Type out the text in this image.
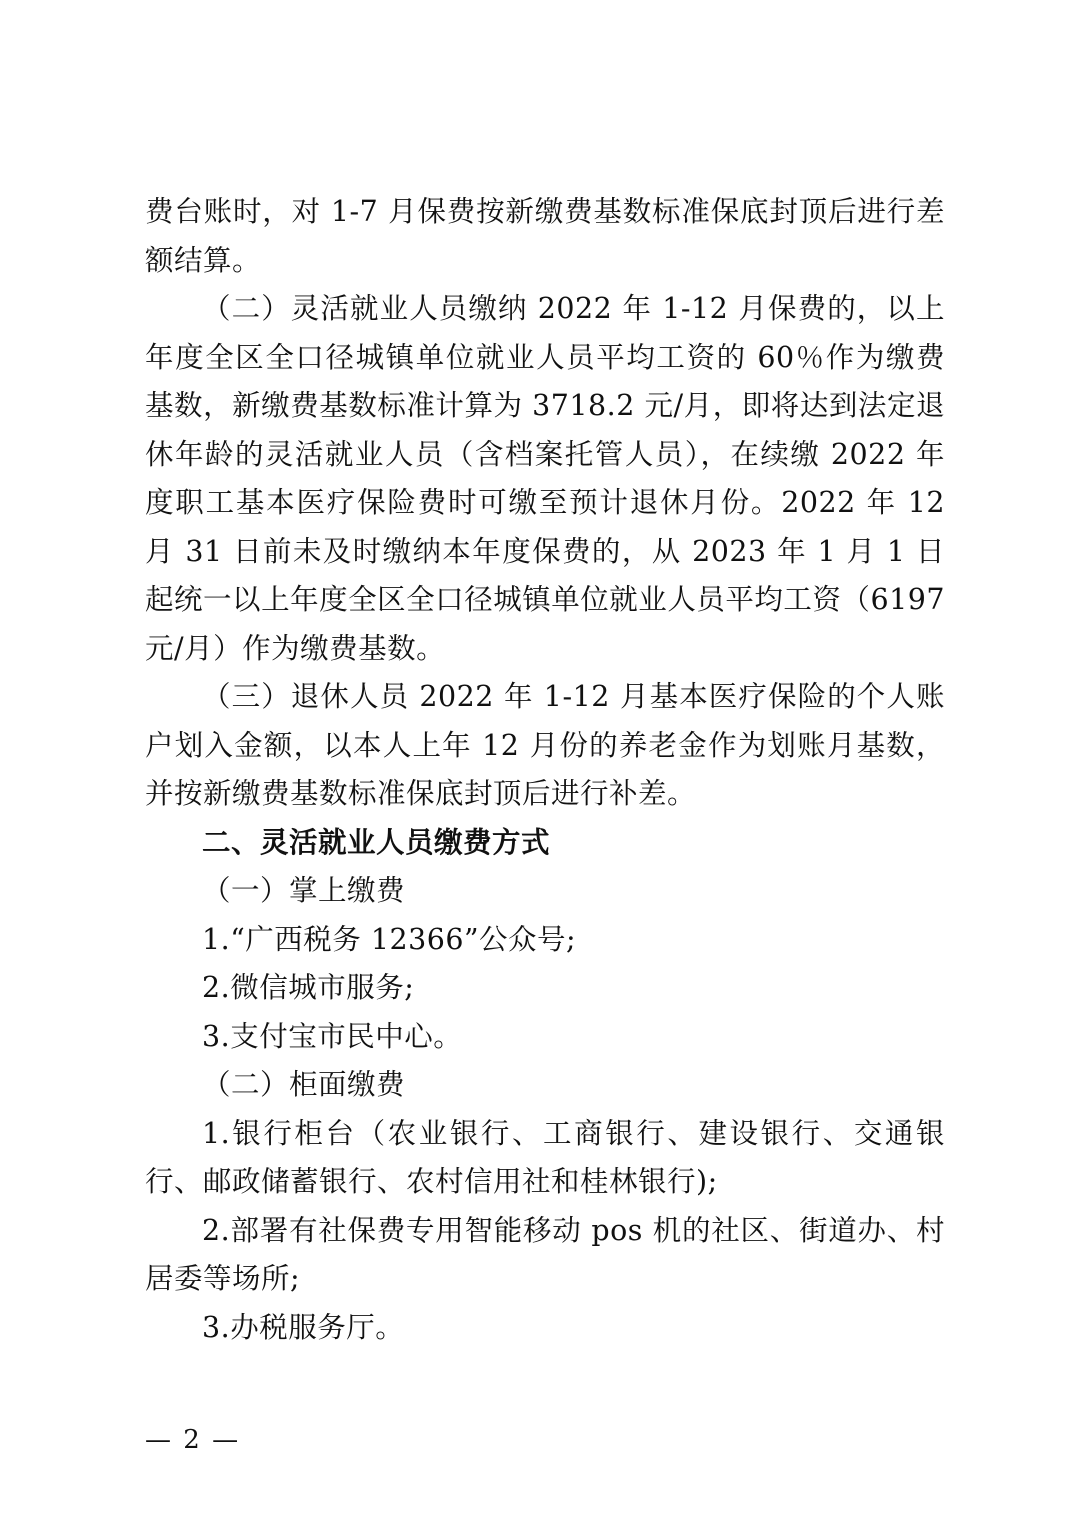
费台账时，对 1-7 月保费按新缴费基数标准保底封顶后进行差额结算。

（二）灵活就业人员缴纳 2022 年 1-12 月保费的，以上年度全区全口径城镇单位就业人员平均工资的 60％作为缴费基数，新缴费基数标准计算为 3718.2 元/月，即将达到法定退休年龄的灵活就业人员（含档案托管人员），在续缴 2022 年度职工基本医疗保险费时可缴至预计退休月份。2022 年 12 月 31 日前未及时缴纳本年度保费的，从 2023 年 1 月 1 日起统一以上年度全区全口径城镇单位就业人员平均工资（6197 元/月）作为缴费基数。

（三）退休人员 2022 年 1-12 月基本医疗保险的个人账户划入金额，以本人上年 12 月份的养老金作为划账月基数，并按新缴费基数标准保底封顶后进行补差。

二、灵活就业人员缴费方式

（一）掌上缴费

1.“广西税务 12366”公众号;

2.微信城市服务;

3.支付宝市民中心。

（二）柜面缴费

1.银行柜台（农业银行、工商银行、建设银行、交通银行、邮政储蓄银行、农村信用社和桂林银行);

2.部署有社保费专用智能移动 pos 机的社区、街道办、村居委等场所;

3.办税服务厅。

— 2 —
